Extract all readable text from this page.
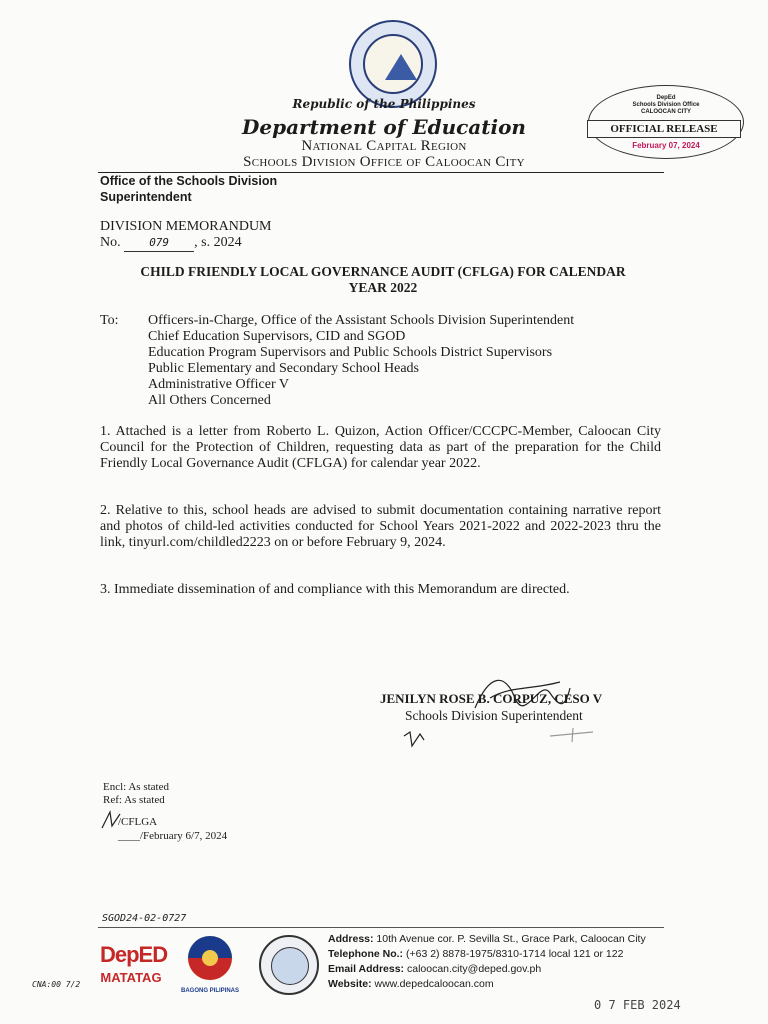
Republic of the Philippines
Department of Education
National Capital Region
Schools Division Office of Caloocan City
DepEd
Schools Division Office
CALOOCAN CITY
OFFICIAL RELEASE
February 07, 2024
Office of the Schools Division
Superintendent
DIVISION MEMORANDUM
No.	079 , s. 2024
CHILD FRIENDLY LOCAL GOVERNANCE AUDIT (CFLGA) FOR CALENDAR
YEAR 2022
To: Officers-in-Charge, Office of the Assistant Schools Division Superintendent
Chief Education Supervisors, CID and SGOD
Education Program Supervisors and Public Schools District Supervisors
Public Elementary and Secondary School Heads
Administrative Officer V
All Others Concerned
1. Attached is a letter from Roberto L. Quizon, Action Officer/CCCPC-Member, Caloocan City Council for the Protection of Children, requesting data as part of the preparation for the Child Friendly Local Governance Audit (CFLGA) for calendar year 2022.
2. Relative to this, school heads are advised to submit documentation containing narrative report and photos of child-led activities conducted for School Years 2021-2022 and 2022-2023 thru the link, tinyurl.com/childled2223 on or before February 9, 2024.
3. Immediate dissemination of and compliance with this Memorandum are directed.
JENILYN ROSE B. CORPUZ, CESO V
Schools Division Superintendent
Encl: As stated
Ref: As stated
/CFLGA
____/February 6/7, 2024
SGOD24-02-0727
DepED
MATATAG
BAGONG PILIPINAS
Address: 10th Avenue cor. P. Sevilla St., Grace Park, Caloocan City
Telephone No.: (+63 2) 8878-1975/8310-1714 local 121 or 122
Email Address: caloocan.city@deped.gov.ph
Website: www.depedcaloocan.com
0 7 FEB 2024
CNA:00 7/2
